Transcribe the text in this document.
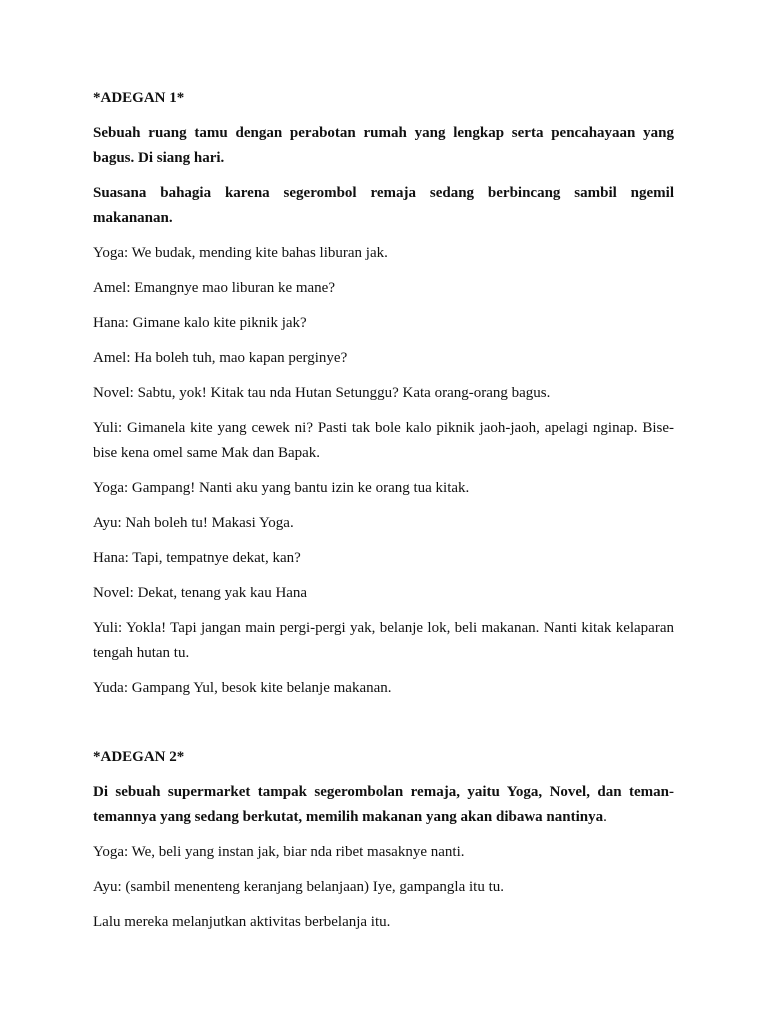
*ADEGAN 1*

Sebuah ruang tamu dengan perabotan rumah yang lengkap serta pencahayaan yang bagus. Di siang hari.

Suasana bahagia karena segerombol remaja sedang berbincang sambil ngemil makananan.

Yoga: We budak, mending kite bahas liburan jak.

Amel: Emangnye mao liburan ke mane?

Hana: Gimane kalo kite piknik jak?

Amel: Ha boleh tuh, mao kapan perginye?

Novel: Sabtu, yok! Kitak tau nda Hutan Setunggu? Kata orang-orang bagus.

Yuli: Gimanela kite yang cewek ni? Pasti tak bole kalo piknik jaoh-jaoh, apelagi nginap. Bise-bise kena omel same Mak dan Bapak.

Yoga: Gampang! Nanti aku yang bantu izin ke orang tua kitak.

Ayu: Nah boleh tu! Makasi Yoga.

Hana: Tapi, tempatnye dekat, kan?

Novel: Dekat, tenang yak kau Hana

Yuli: Yokla! Tapi jangan main pergi-pergi yak, belanje lok, beli makanan. Nanti kitak kelaparan tengah hutan tu.

Yuda: Gampang Yul, besok kite belanje makanan.

*ADEGAN 2*

Di sebuah supermarket tampak segerombolan remaja, yaitu Yoga, Novel, dan teman-temannya yang sedang berkutat, memilih makanan yang akan dibawa nantinya.

Yoga: We, beli yang instan jak, biar nda ribet masaknye nanti.

Ayu: (sambil menenteng keranjang belanjaan) Iye, gampangla itu tu.

Lalu mereka melanjutkan aktivitas berbelanja itu.
